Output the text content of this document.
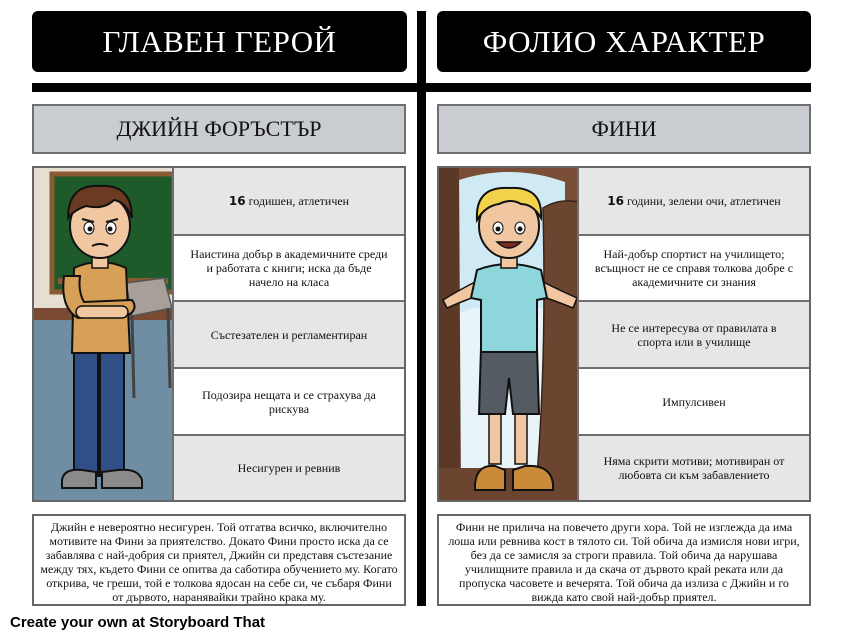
ГЛАВЕН ГЕРОЙ	ФОЛИО ХАРАКТЕР
ДЖИЙН ФОРЪСТЪР	ФИНИ
16 годишен, атлетичен
Наистина добър в академичните среди и работата с книги; иска да бъде начело на класа
Състезателен и регламентиран
Подозира нещата и се страхува да рискува
Несигурен и ревнив
16 години, зелени очи, атлетичен
Най-добър спортист на училището; всъщност не се справя толкова добре с академичните си знания
Не се интересува от правилата в спорта или в училище
Импулсивен
Няма скрити мотиви; мотивиран от любовта си към забавлението
Джийн е невероятно несигурен. Той отгатва всичко, включително мотивите на Фини за приятелство. Докато Фини просто иска да се забавлява с най-добрия си приятел, Джийн си представя състезание между тях, където Фини се опитва да саботира обучението му. Когато открива, че греши, той е толкова ядосан на себе си, че събаря Фини от дървото, наранявайки трайно крака му.
Фини не прилича на повечето други хора. Той не изглежда да има лоша или ревнива кост в тялото си. Той обича да измисля нови игри, без да се замисля за строги правила. Той обича да нарушава училищните правила и да скача от дървото край реката или да пропуска часовете и вечерята. Той обича да излиза с Джийн и го вижда като свой най-добър приятел.
Create your own at Storyboard That
